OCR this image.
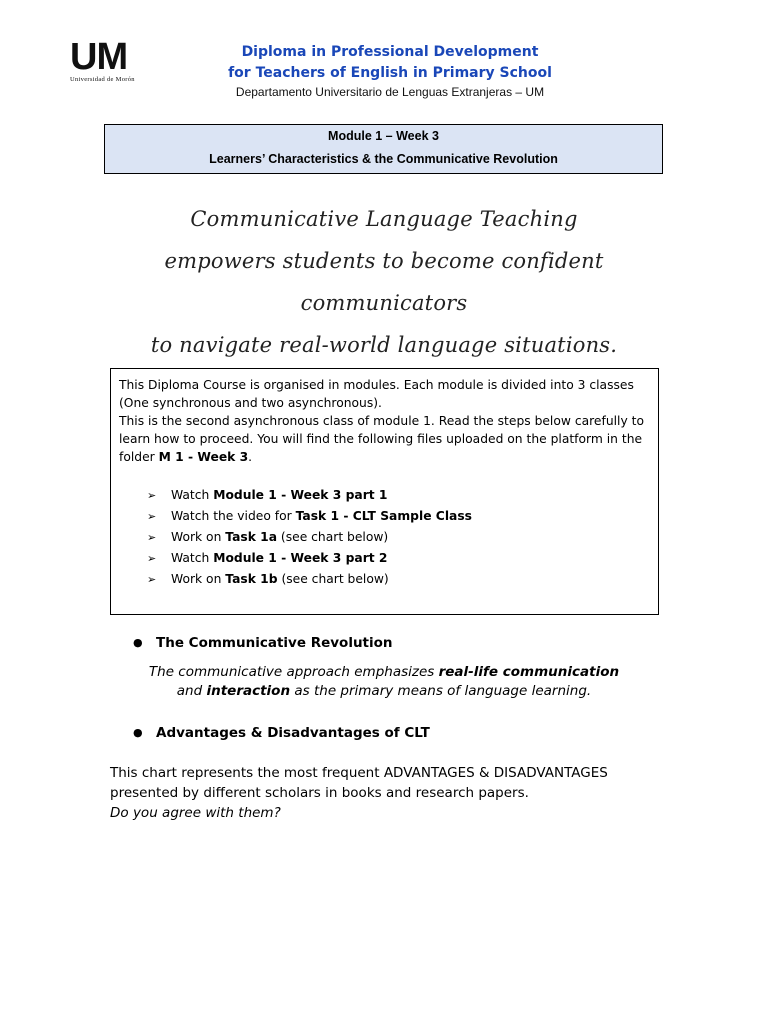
UM
Universidad de Morón
Diploma in Professional Development
for Teachers of English in Primary School
Departamento Universitario de Lenguas Extranjeras – UM
Module 1 – Week 3
Learners’ Characteristics & the Communicative Revolution
Communicative Language Teaching
empowers students to become confident communicators
to navigate real-world language situations.

This Diploma Course is organised in modules. Each module is divided into 3 classes (One synchronous and two asynchronous).

This is the second asynchronous class of module 1. Read the steps below carefully to learn how to proceed. You will find the following files uploaded on the platform in the folder M 1 - Week 3.

➢	Watch Module 1 - Week 3 part 1
➢	Watch the video for Task 1 - CLT Sample Class
➢	Work on Task 1a (see chart below)
➢	Watch Module 1 - Week 3 part 2
➢	Work on Task 1b (see chart below)
● The Communicative Revolution
The communicative approach emphasizes real-life communication
and interaction as the primary means of language learning.
● Advantages & Disadvantages of CLT
This chart represents the most frequent ADVANTAGES & DISADVANTAGES
presented by different scholars in books and research papers.
Do you agree with them?
